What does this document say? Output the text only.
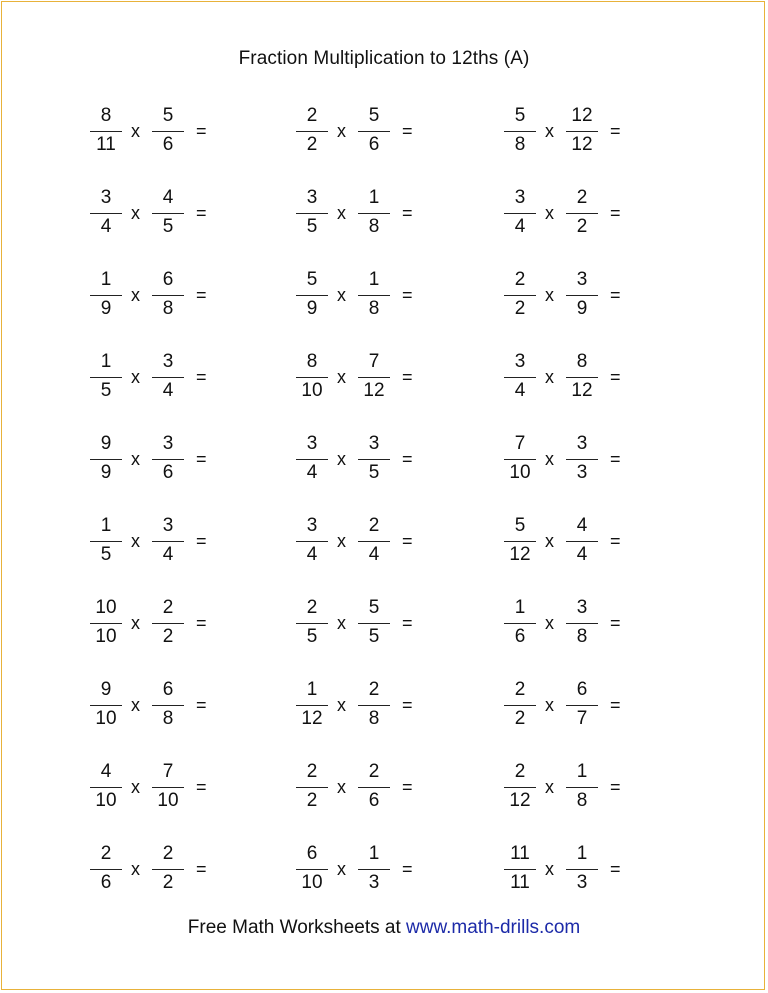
Fraction Multiplication to 12ths (A)
8
11
x
5
6
=
2
2
x
5
6
=
5
8
x
12
12
=
3
4
x
4
5
=
3
5
x
1
8
=
3
4
x
2
2
=
1
9
x
6
8
=
5
9
x
1
8
=
2
2
x
3
9
=
1
5
x
3
4
=
8
10
x
7
12
=
3
4
x
8
12
=
9
9
x
3
6
=
3
4
x
3
5
=
7
10
x
3
3
=
1
5
x
3
4
=
3
4
x
2
4
=
5
12
x
4
4
=
10
10
x
2
2
=
2
5
x
5
5
=
1
6
x
3
8
=
9
10
x
6
8
=
1
12
x
2
8
=
2
2
x
6
7
=
4
10
x
7
10
=
2
2
x
2
6
=
2
12
x
1
8
=
2
6
x
2
2
=
6
10
x
1
3
=
11
11
x
1
3
=
Free Math Worksheets at www.math-drills.com
